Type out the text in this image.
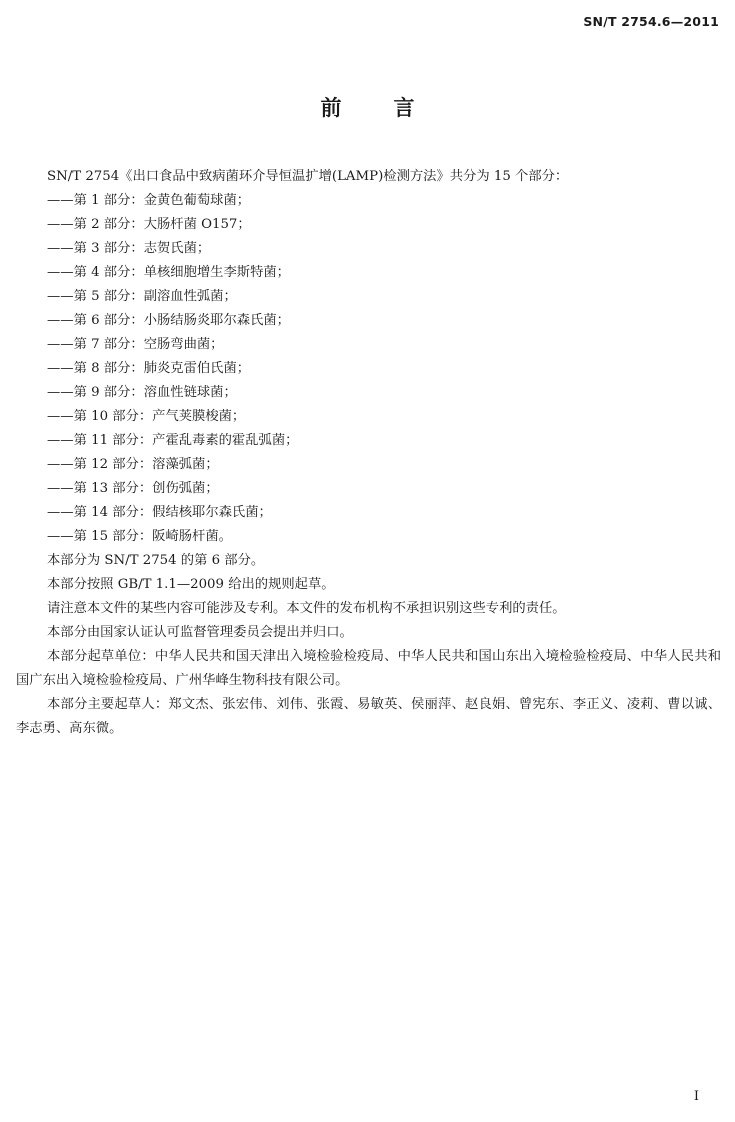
SN/T 2754.6—2011
前言

SN/T 2754《出口食品中致病菌环介导恒温扩增(LAMP)检测方法》共分为 15 个部分：

——第 1 部分：金黄色葡萄球菌；
——第 2 部分：大肠杆菌 O157；
——第 3 部分：志贺氏菌；
——第 4 部分：单核细胞增生李斯特菌；
——第 5 部分：副溶血性弧菌；
——第 6 部分：小肠结肠炎耶尔森氏菌；
——第 7 部分：空肠弯曲菌；
——第 8 部分：肺炎克雷伯氏菌；
——第 9 部分：溶血性链球菌；
——第 10 部分：产气荚膜梭菌；
——第 11 部分：产霍乱毒素的霍乱弧菌；
——第 12 部分：溶藻弧菌；
——第 13 部分：创伤弧菌；
——第 14 部分：假结核耶尔森氏菌；
——第 15 部分：阪崎肠杆菌。

本部分为 SN/T 2754 的第 6 部分。

本部分按照 GB/T 1.1—2009 给出的规则起草。

请注意本文件的某些内容可能涉及专利。本文件的发布机构不承担识别这些专利的责任。

本部分由国家认证认可监督管理委员会提出并归口。

本部分起草单位：中华人民共和国天津出入境检验检疫局、中华人民共和国山东出入境检验检疫局、中华人民共和国广东出入境检验检疫局、广州华峰生物科技有限公司。

本部分主要起草人：郑文杰、张宏伟、刘伟、张霞、易敏英、侯丽萍、赵良娟、曾宪东、李正义、凌莉、曹以诚、李志勇、高东微。

I
